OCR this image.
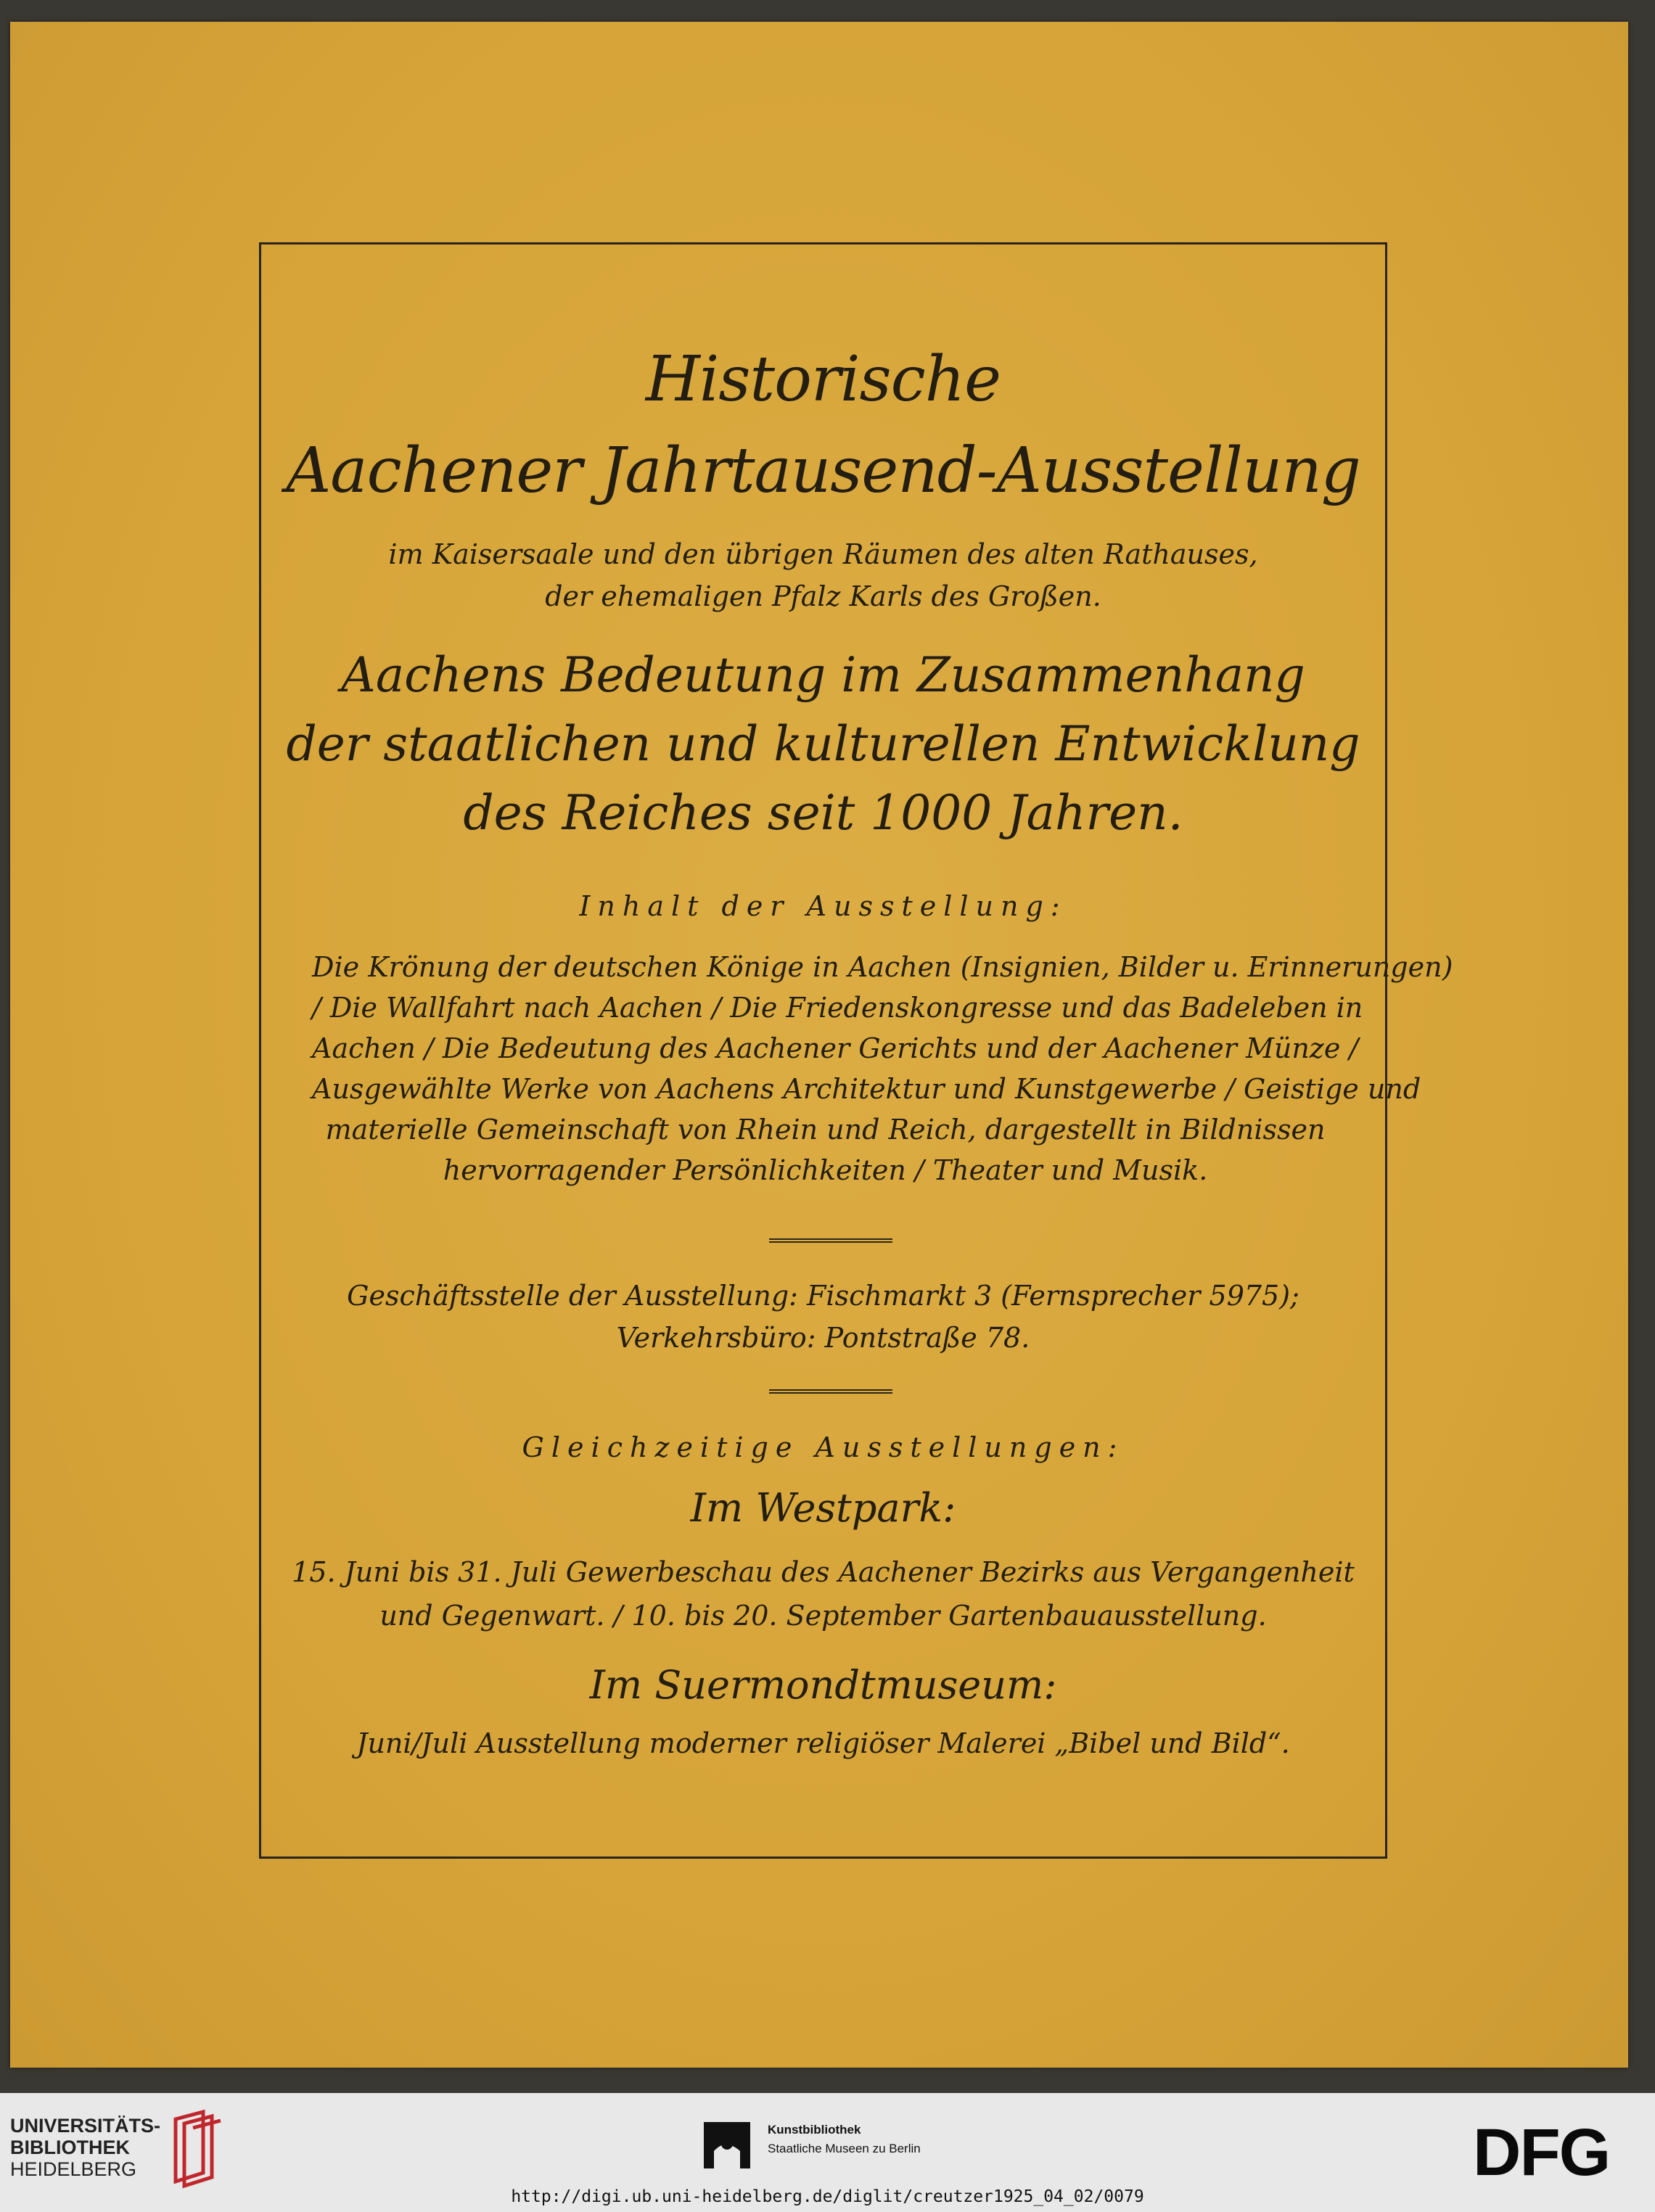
Historische
Aachener Jahrtausend-Ausstellung
im Kaisersaale und den übrigen Räumen des alten Rathauses,
der ehemaligen Pfalz Karls des Großen.
Aachens Bedeutung im Zusammenhang
der staatlichen und kulturellen Entwicklung
des Reiches seit 1000 Jahren.
Inhalt der Ausstellung:
Die Krönung der deutschen Könige in Aachen (Insignien, Bilder u. Erinnerungen)
/ Die Wallfahrt nach Aachen / Die Friedenskongresse und das Badeleben in
Aachen / Die Bedeutung des Aachener Gerichts und der Aachener Münze /
Ausgewählte Werke von Aachens Architektur und Kunstgewerbe / Geistige und
materielle Gemeinschaft von Rhein und Reich, dargestellt in Bildnissen
hervorragender Persönlichkeiten / Theater und Musik.
Geschäftsstelle der Ausstellung: Fischmarkt 3 (Fernsprecher 5975);
Verkehrsbüro: Pontstraße 78.
Gleichzeitige Ausstellungen:
Im Westpark:
15. Juni bis 31. Juli Gewerbeschau des Aachener Bezirks aus Vergangenheit
und Gegenwart. / 10. bis 20. September Gartenbauausstellung.
Im Suermondtmuseum:
Juni/Juli Ausstellung moderner religiöser Malerei „Bibel und Bild“.
UNIVERSITÄTS-
BIBLIOTHEK
HEIDELBERG
Kunstbibliothek
Staatliche Museen zu Berlin	DFG
http://digi.ub.uni-heidelberg.de/diglit/creutzer1925_04_02/0079
